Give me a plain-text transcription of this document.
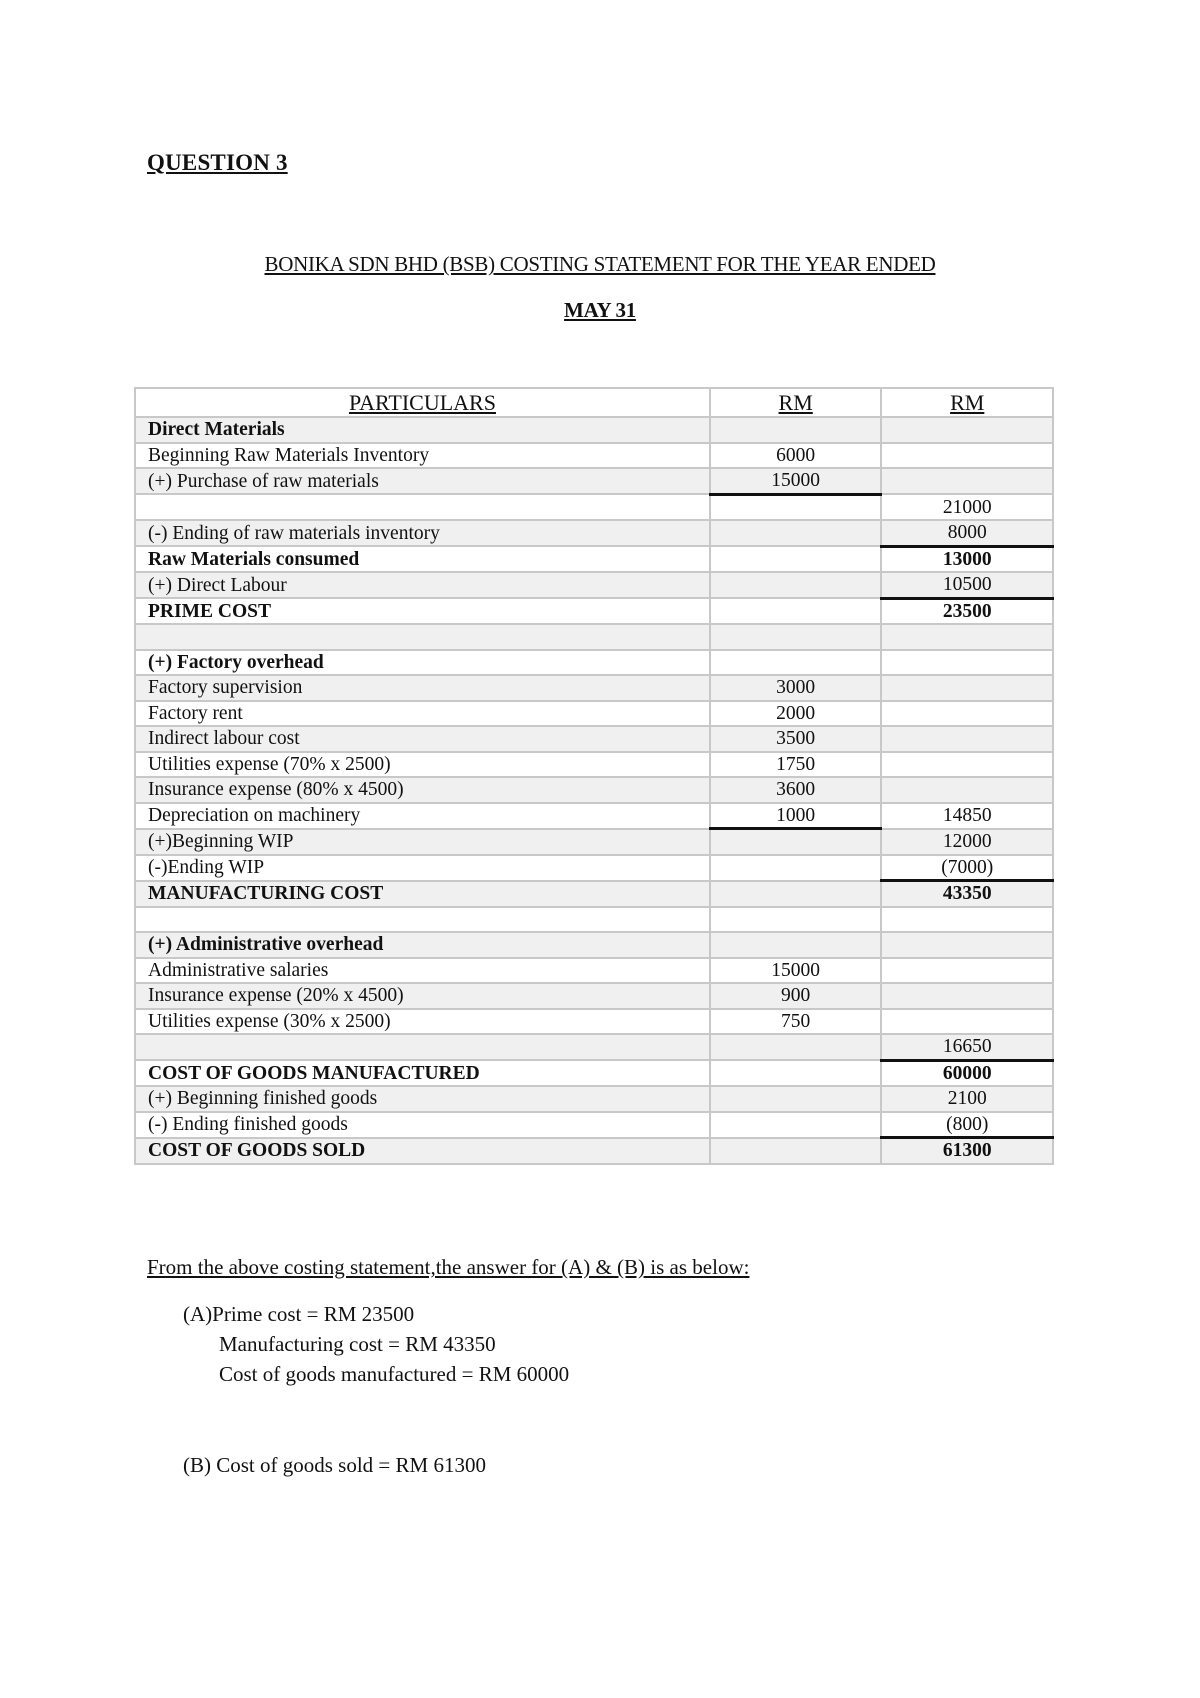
QUESTION 3
BONIKA SDN BHD (BSB) COSTING STATEMENT FOR THE YEAR ENDED
MAY 31
PARTICULARS	RM	RM
Direct Materials		
Beginning Raw Materials Inventory	6000	
(+) Purchase of raw materials	15000	
		21000
(-) Ending of raw materials inventory		8000
Raw Materials consumed		13000
(+) Direct Labour		10500
PRIME COST		23500

(+) Factory overhead		
Factory supervision	3000	
Factory rent	2000	
Indirect labour cost	3500	
Utilities expense (70% x 2500)	1750	
Insurance expense (80% x 4500)	3600	
Depreciation on machinery	1000	14850
(+)Beginning WIP		12000
(-)Ending WIP		(7000)
MANUFACTURING COST		43350

(+) Administrative overhead		
Administrative salaries	15000	
Insurance expense (20% x 4500)	900	
Utilities expense (30% x 2500)	750	
		16650
COST OF GOODS MANUFACTURED		60000
(+) Beginning finished goods		2100
(-) Ending finished goods		(800)
COST OF GOODS SOLD		61300
From the above costing statement,the answer for (A) & (B) is as below:
(A)Prime cost = RM 23500
Manufacturing cost = RM 43350
Cost of goods manufactured = RM 60000
(B) Cost of goods sold = RM 61300
